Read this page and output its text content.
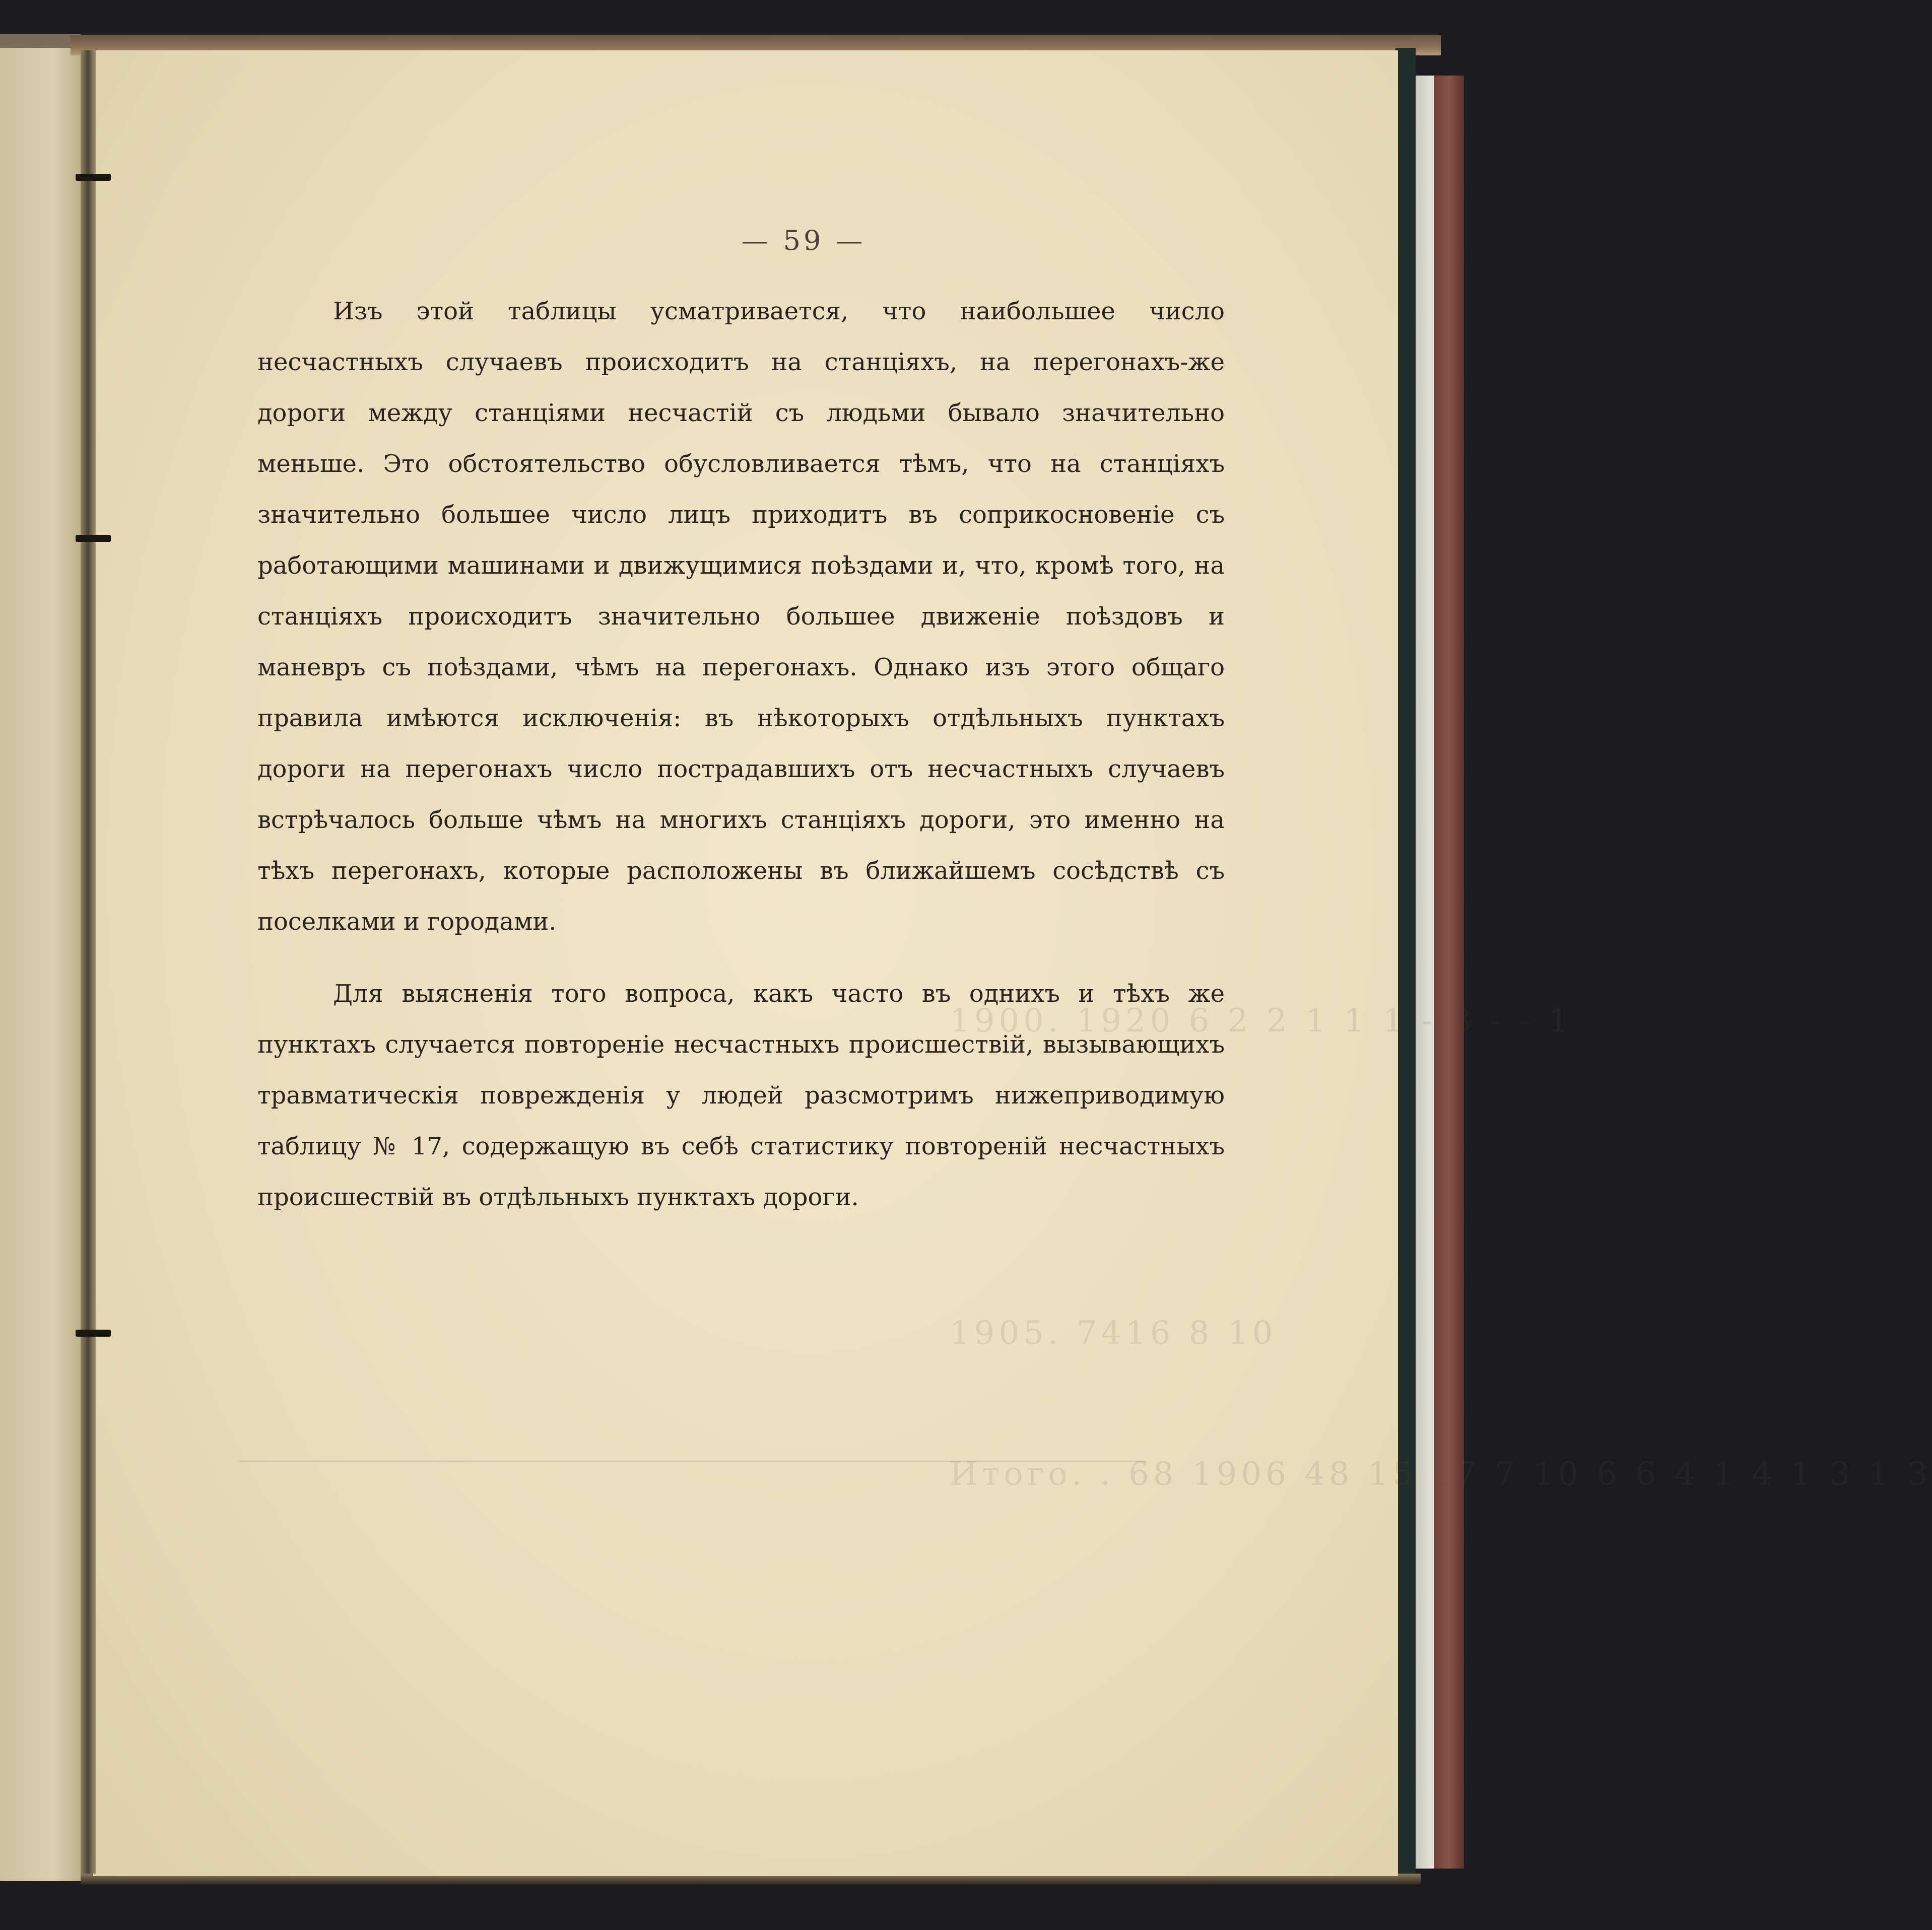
1900. 1920 6 2 2 1 1 1 - 3 - - 1
1905. 7416 8 10
Итого. . 68 1906 48 15 17 7 10 6 6 4 1 4 1 3 1 3
— 59 —

Изъ этой таблицы усматривается, что наибольшее число несчастныхъ случаевъ происходитъ на станціяхъ, на перегонахъ-же дороги между станціями несчастій съ людьми бывало значительно меньше. Это обстоятельство обусловливается тѣмъ, что на станціяхъ значительно большее число лицъ приходитъ въ соприкосновеніе съ работающими машинами и движущимися поѣздами и, что, кромѣ того, на станціяхъ происходитъ значительно большее движеніе поѣздовъ и маневръ съ поѣздами, чѣмъ на перегонахъ. Однако изъ этого общаго правила имѣются исключенія: въ нѣкоторыхъ отдѣльныхъ пунктахъ дороги на перегонахъ число пострадавшихъ отъ несчастныхъ случаевъ встрѣчалось больше чѣмъ на многихъ станціяхъ дороги, это именно на тѣхъ перегонахъ, которые расположены въ ближайшемъ сосѣдствѣ съ поселками и городами.

Для выясненія того вопроса, какъ часто въ однихъ и тѣхъ же пунктахъ случается повтореніе несчастныхъ происшествій, вызывающихъ травматическія поврежденія у людей разсмотримъ нижеприводимую таблицу № 17, содержащую въ себѣ статистику повтореній несчастныхъ происшествій въ отдѣльныхъ пунктахъ дороги.
